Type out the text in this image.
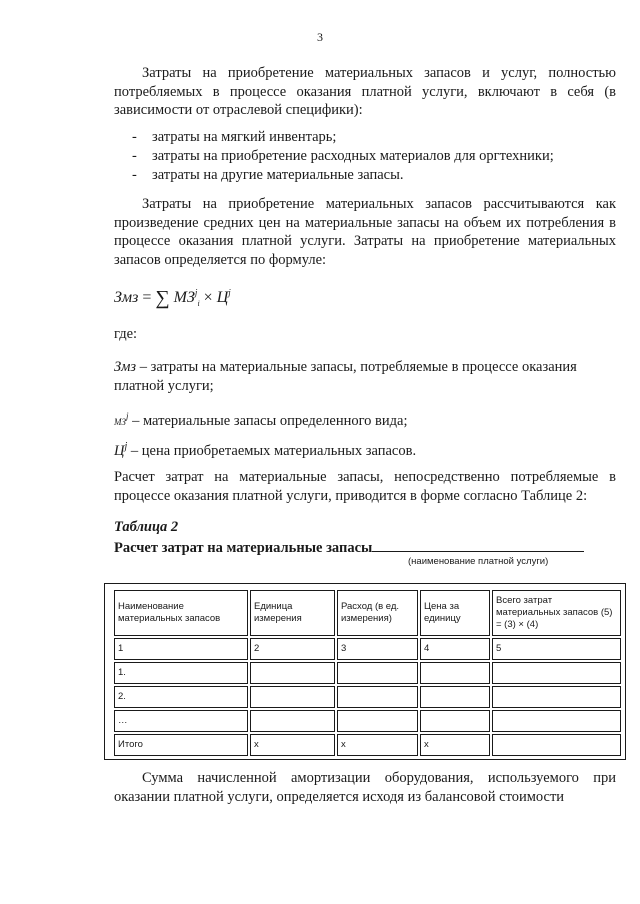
3
Затраты на приобретение материальных запасов и услуг, полностью потребляемых в процессе оказания платной услуги, включают в себя (в зависимости от отраслевой специфики):
- затраты на мягкий инвентарь;
- затраты на приобретение расходных материалов для оргтехники;
- затраты на другие материальные запасы.
Затраты на приобретение материальных запасов рассчитываются как произведение средних цен на материальные запасы на объем их потребления в процессе оказания платной услуги. Затраты на приобретение материальных запасов определяется по формуле:
Змз = ∑ $МЗ^j_i \times Ц^j$
где:
Змз – затраты на материальные запасы, потребляемые в процессе оказания платной услуги;
$МЗ^j$ – материальные запасы определенного вида;
$Ц^j$ – цена приобретаемых материальных запасов.
Расчет затрат на материальные запасы, непосредственно потребляемые в процессе оказания платной услуги, приводится в форме согласно Таблице 2:
Таблица 2
Расчет затрат на материальные запасы
(наименование платной услуги)
Наименование материальных запасов	Единица измерения	Расход (в ед. измерения)	Цена за единицу	Всего затрат материальных запасов (5) = (3) × (4)
1	2	3	4	5
1.				
2.				
…				
Итого	х	х	х	
Сумма начисленной амортизации оборудования, используемого при оказании платной услуги, определяется исходя из балансовой стоимости
